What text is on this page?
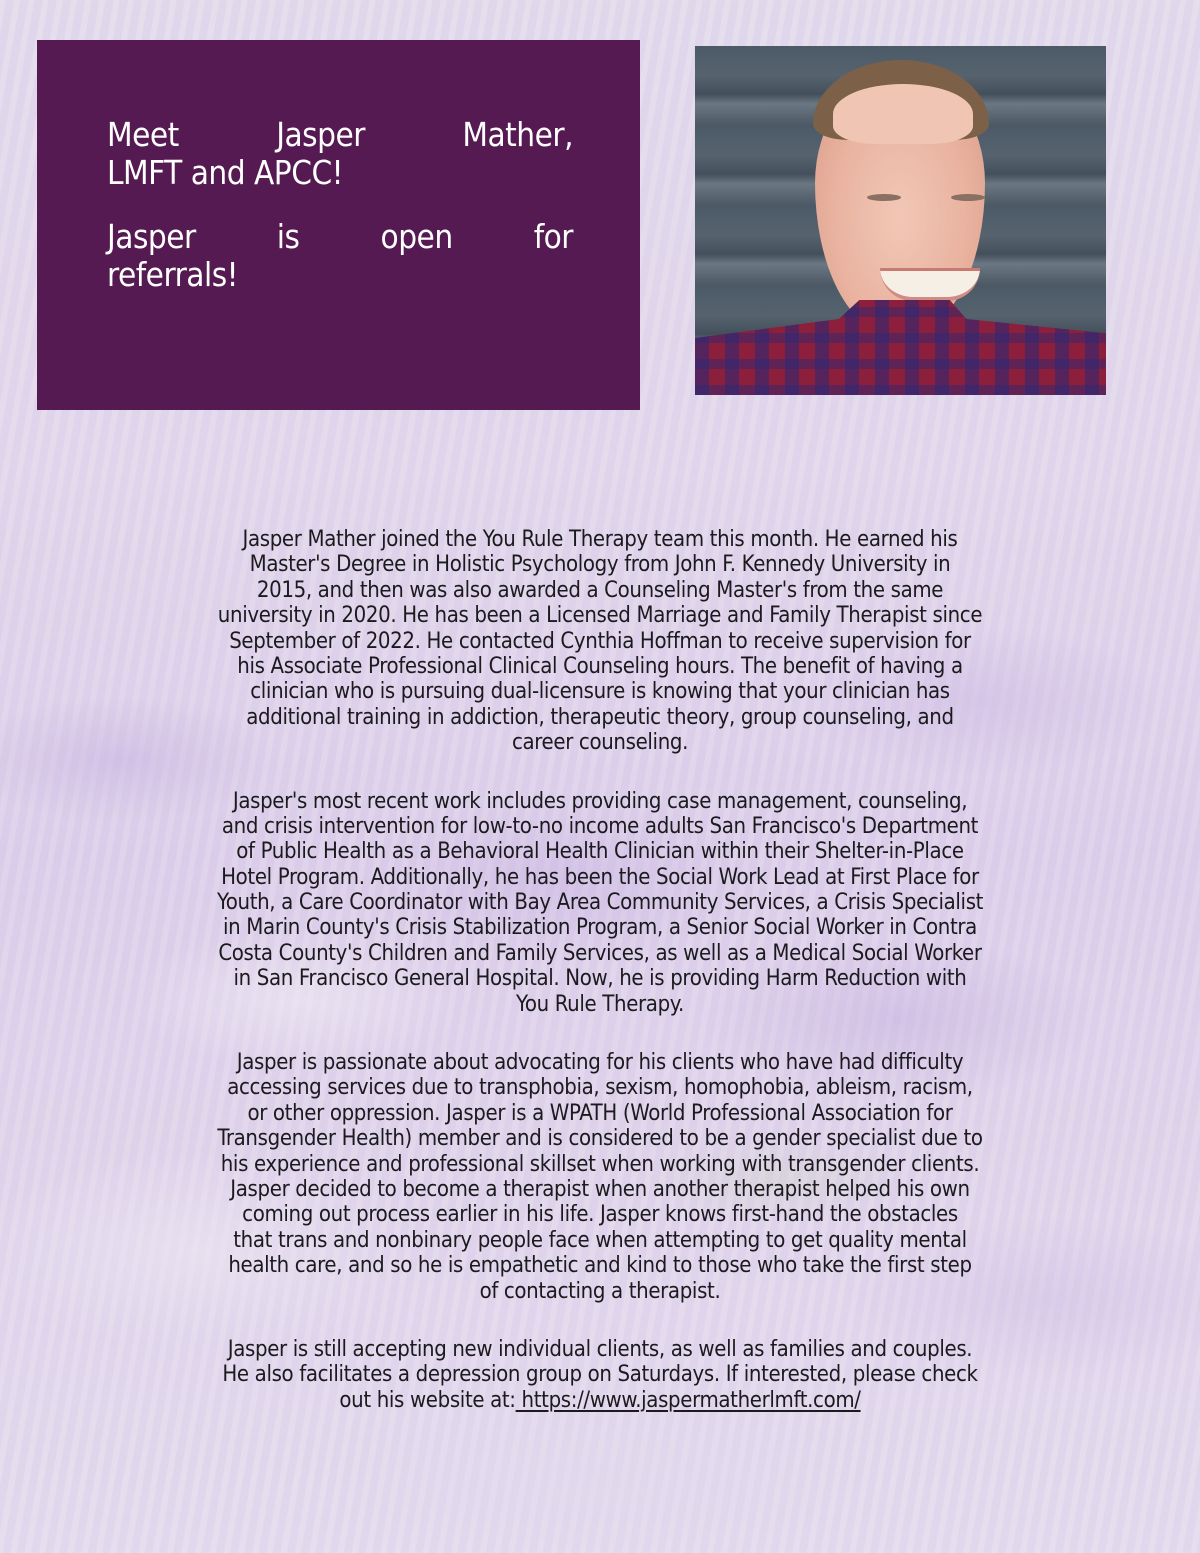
Meet Jasper Mather,
LMFT and APCC!
Jasper is open for
referrals!

Jasper Mather joined the You Rule Therapy team this month. He earned his
Master's Degree in Holistic Psychology from John F. Kennedy University in
2015, and then was also awarded a Counseling Master's from the same
university in 2020. He has been a Licensed Marriage and Family Therapist since
September of 2022. He contacted Cynthia Hoffman to receive supervision for
his Associate Professional Clinical Counseling hours. The benefit of having a
clinician who is pursuing dual-licensure is knowing that your clinician has
additional training in addiction, therapeutic theory, group counseling, and
career counseling.

Jasper's most recent work includes providing case management, counseling,
and crisis intervention for low-to-no income adults San Francisco's Department
of Public Health as a Behavioral Health Clinician within their Shelter-in-Place
Hotel Program. Additionally, he has been the Social Work Lead at First Place for
Youth, a Care Coordinator with Bay Area Community Services, a Crisis Specialist
in Marin County's Crisis Stabilization Program, a Senior Social Worker in Contra
Costa County's Children and Family Services, as well as a Medical Social Worker
in San Francisco General Hospital. Now, he is providing Harm Reduction with
You Rule Therapy.

Jasper is passionate about advocating for his clients who have had difficulty
accessing services due to transphobia, sexism, homophobia, ableism, racism,
or other oppression. Jasper is a WPATH (World Professional Association for
Transgender Health) member and is considered to be a gender specialist due to
his experience and professional skillset when working with transgender clients.
Jasper decided to become a therapist when another therapist helped his own
coming out process earlier in his life. Jasper knows first-hand the obstacles
that trans and nonbinary people face when attempting to get quality mental
health care, and so he is empathetic and kind to those who take the first step
of contacting a therapist.

Jasper is still accepting new individual clients, as well as families and couples.
He also facilitates a depression group on Saturdays. If interested, please check
out his website at: https://www.jaspermatherlmft.com/
